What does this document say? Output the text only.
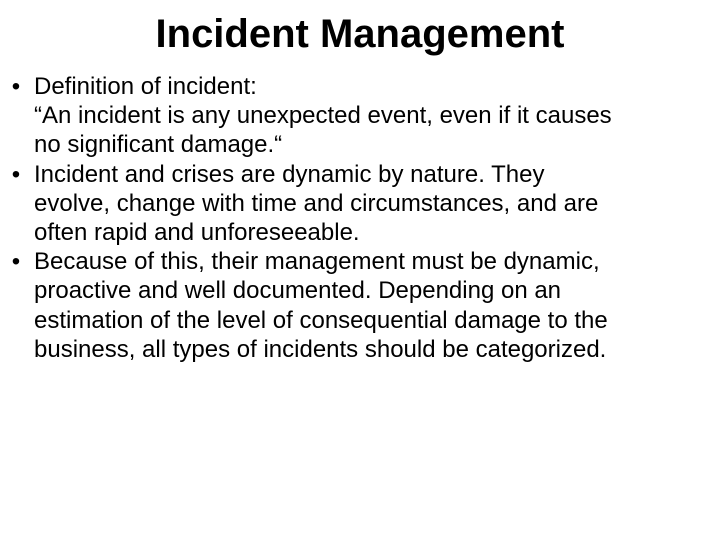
Incident Management
• Definition of incident:
“An incident is any unexpected event, even if it causes
no significant damage.“
• Incident and crises are dynamic by nature. They
evolve, change with time and circumstances, and are
often rapid and unforeseeable.
• Because of this, their management must be dynamic,
proactive and well documented. Depending on an
estimation of the level of consequential damage to the
business, all types of incidents should be categorized.
